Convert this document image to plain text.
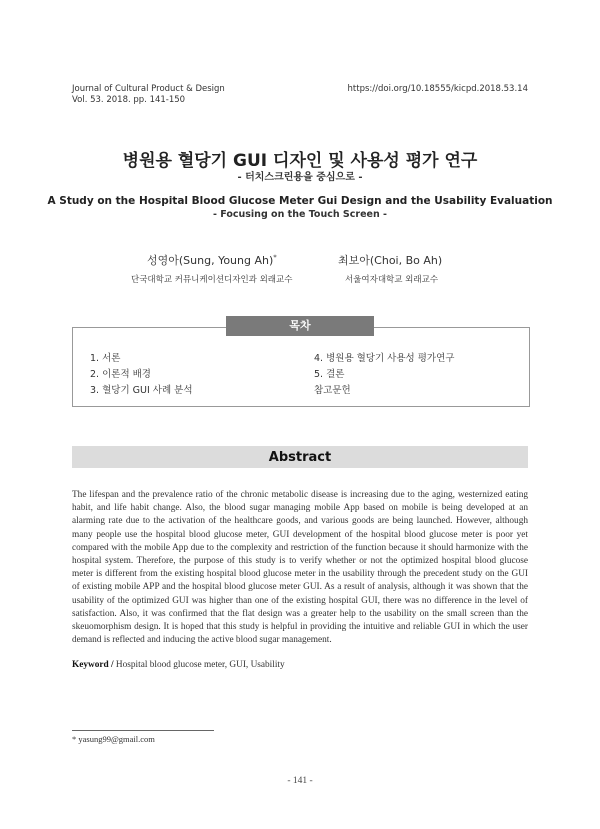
Journal of Cultural Product & Design
Vol. 53. 2018. pp. 141-150
https://doi.org/10.18555/kicpd.2018.53.14
병원용 혈당기 GUI 디자인 및 사용성 평가 연구
- 터치스크린용을 중심으로 -
A Study on the Hospital Blood Glucose Meter Gui Design and the Usability Evaluation
- Focusing on the Touch Screen -
성영아(Sung, Young Ah)*	최보아(Choi, Bo Ah)
단국대학교 커뮤니케이션디자인과 외래교수	서울여자대학교 외래교수
목차
1. 서론
2. 이론적 배경
3. 혈당기 GUI 사례 분석
4. 병원용 혈당기 사용성 평가연구
5. 결론
참고문헌
Abstract

The lifespan and the prevalence ratio of the chronic metabolic disease is increasing due to the aging, westernized eating habit, and life habit change. Also, the blood sugar managing mobile App based on mobile is being developed at an alarming rate due to the activation of the healthcare goods, and various goods are being launched. However, although many people use the hospital blood glucose meter, GUI development of the hospital blood glucose meter is poor yet compared with the mobile App due to the complexity and restriction of the function because it should harmonize with the hospital system. Therefore, the purpose of this study is to verify whether or not the optimized hospital blood glucose meter is different from the existing hospital blood glucose meter in the usability through the precedent study on the GUI of existing mobile APP and the hospital blood glucose meter GUI. As a result of analysis, although it was shown that the usability of the optimized GUI was higher than one of the existing hospital GUI, there was no difference in the level of satisfaction. Also, it was confirmed that the flat design was a greater help to the usability on the small screen than the skeuomorphism design. It is hoped that this study is helpful in providing the intuitive and reliable GUI in which the user demand is reflected and inducing the active blood sugar management.

Keyword / Hospital blood glucose meter, GUI, Usability
* yasung99@gmail.com
- 141 -
